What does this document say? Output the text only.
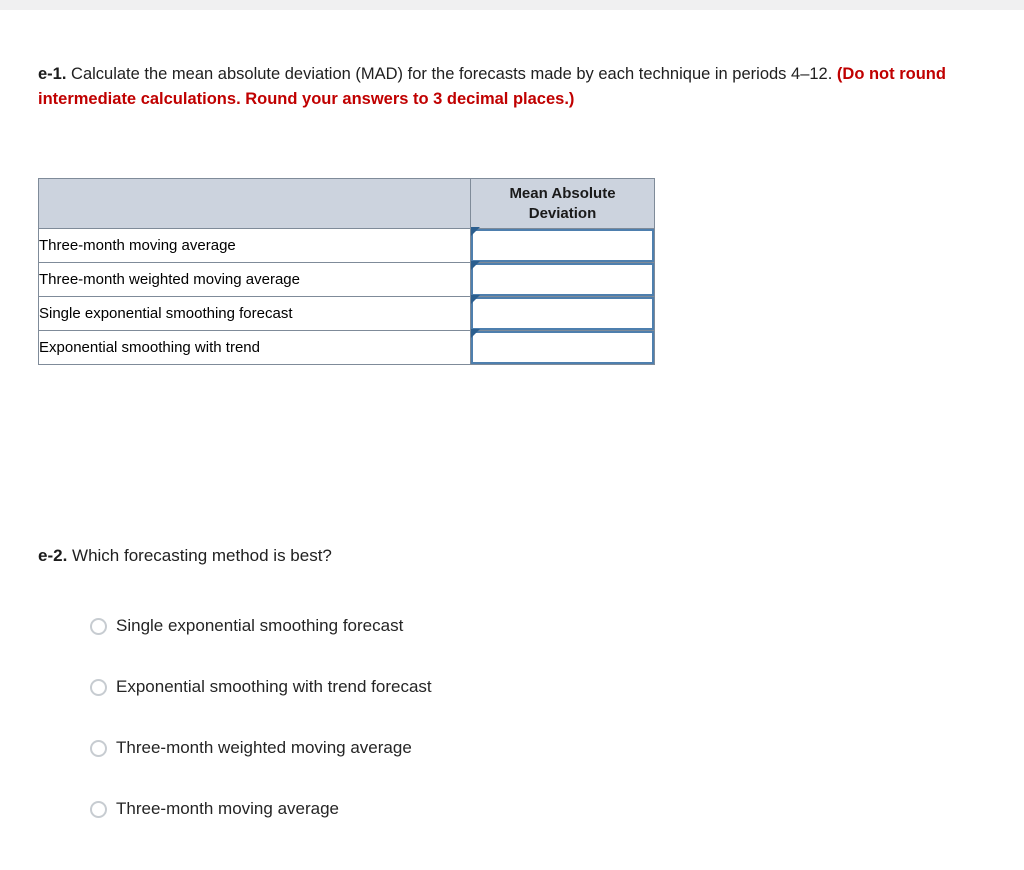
e-1. Calculate the mean absolute deviation (MAD) for the forecasts made by each technique in periods 4–12. (Do not round intermediate calculations. Round your answers to 3 decimal places.)

	Mean Absolute Deviation
Three-month moving average	

Three-month weighted moving average	

Single exponential smoothing forecast	

Exponential smoothing with trend	

e-2. Which forecasting method is best?

Single exponential smoothing forecast
Exponential smoothing with trend forecast
Three-month weighted moving average
Three-month moving average
